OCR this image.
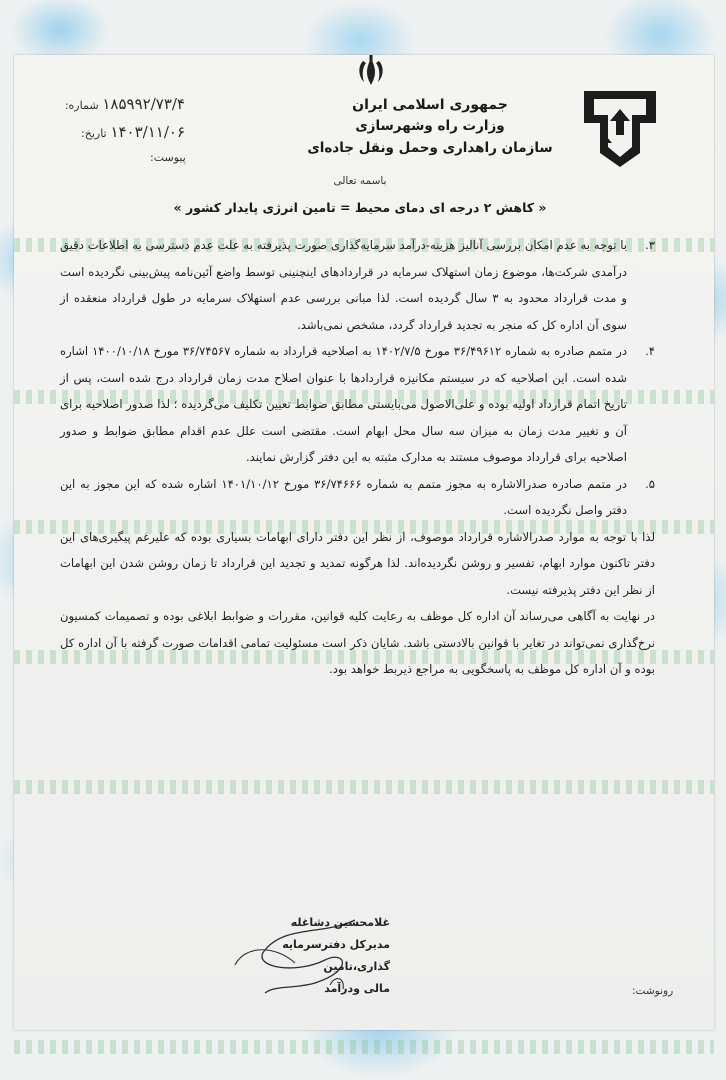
جمهوری اسلامی ایران
وزارت راه وشهرسازی
سازمان راهداری وحمل ونقل جاده‌ای
باسمه تعالی
« کاهش ۲ درجه ای دمای محیط = تامین انرژی پایدار کشور »
۱۸۵۹۹۲/۷۳/۴ شماره:
۱۴۰۳/۱۱/۰۶ تاریخ:
پیوست:
۳.

با توجه به عدم امکان بررسی آنالیز هزینه-درآمد سرمایه‌گذاری صورت پذیرفته به علت عدم دسترسی به اطلاعات دقیق درآمدی شرکت‌ها، موضوع زمان استهلاک سرمایه در قراردادهای اینچنینی توسط واضع آئین‌نامه پیش‌بینی نگردیده است و مدت قرارداد محدود به ۳ سال گردیده است. لذا مبانی بررسی عدم استهلاک سرمایه در طول قرارداد منعقده از سوی آن اداره کل که منجر به تجدید قرارداد گردد، مشخص نمی‌باشد.

۴.

در متمم صادره به شماره ۳۶/۴۹۶۱۲ مورخ ۱۴۰۲/۷/۵ به اصلاحیه قرارداد به شماره ۳۶/۷۴۵۶۷ مورخ ۱۴۰۰/۱۰/۱۸ اشاره شده است. این اصلاحیه که در سیستم مکانیزه قراردادها با عنوان اصلاح مدت زمان قرارداد درج شده است، پس از تاریخ اتمام قرارداد اولیه بوده و علی‌الاصول می‌بایستی مطابق ضوابط تعیین تکلیف می‌گردیده ؛ لذا صدور اصلاحیه برای آن و تغییر مدت زمان به میزان سه سال محل ابهام است. مقتضی است علل عدم اقدام مطابق ضوابط و صدور اصلاحیه برای قرارداد موصوف مستند به مدارک مثبته به این دفتر گزارش نمایند.

۵.

در متمم صادره صدرالاشاره به مجوز متمم به شماره ۳۶/۷۴۶۶۶ مورخ ۱۴۰۱/۱۰/۱۲ اشاره شده که این مجوز به این دفتر واصل نگردیده است.

لذا با توجه به موارد صدرالاشاره قرارداد موصوف، از نظر این دفتر دارای ابهامات بسیاری بوده که علیرغم پیگیری‌های این دفتر تاکنون موارد ابهام، تفسیر و روشن نگردیده‌اند. لذا هرگونه تمدید و تجدید این قرارداد تا زمان روشن شدن این ابهامات از نظر این دفتر پذیرفته نیست.

در نهایت به آگاهی می‌رساند آن اداره کل موظف به رعایت کلیه قوانین، مقررات و ضوابط ابلاغی بوده و تصمیمات کمسیون نرخ‌گذاری نمی‌تواند در تغایر با قوانین بالادستی باشد. شایان ذکر است مسئولیت تمامی اقدامات صورت گرفته با آن اداره کل بوده و آن اداره کل موظف به پاسخگویی به مراجع ذیربط خواهد بود.

غلامحسین دشاغله
مدیرکل دفترسرمایه گذاری،تامین
مالی ودرآمد	رونوشت:
